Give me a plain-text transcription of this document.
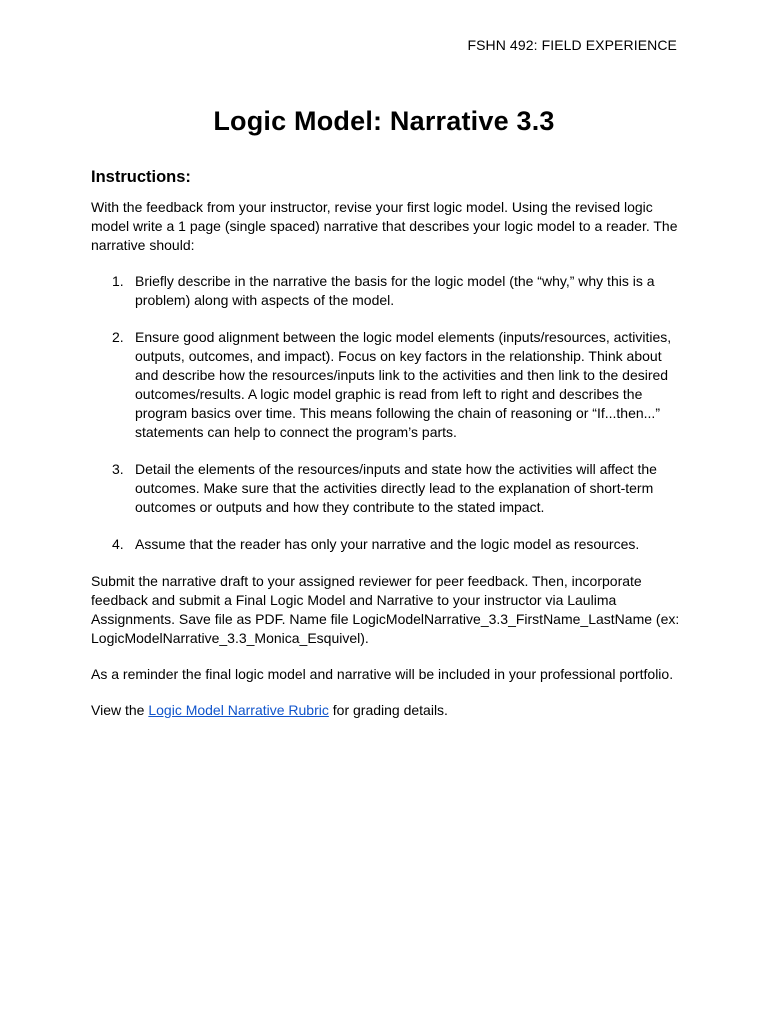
FSHN 492: FIELD EXPERIENCE
Logic Model: Narrative 3.3
Instructions:

With the feedback from your instructor, revise your first logic model. Using the revised logic model write a 1 page (single spaced) narrative that describes your logic model to a reader. The narrative should:

1. Briefly describe in the narrative the basis for the logic model (the “why,” why this is a problem) along with aspects of the model.
2. Ensure good alignment between the logic model elements (inputs/resources, activities, outputs, outcomes, and impact). Focus on key factors in the relationship. Think about and describe how the resources/inputs link to the activities and then link to the desired outcomes/results. A logic model graphic is read from left to right and describes the program basics over time. This means following the chain of reasoning or “If...then...” statements can help to connect the program’s parts.
3. Detail the elements of the resources/inputs and state how the activities will affect the outcomes. Make sure that the activities directly lead to the explanation of short-term outcomes or outputs and how they contribute to the stated impact.
4. Assume that the reader has only your narrative and the logic model as resources.

Submit the narrative draft to your assigned reviewer for peer feedback. Then, incorporate feedback and submit a Final Logic Model and Narrative to your instructor via Laulima Assignments. Save file as PDF. Name file LogicModelNarrative_3.3_FirstName_LastName (ex: LogicModelNarrative_3.3_Monica_Esquivel).

As a reminder the final logic model and narrative will be included in your professional portfolio.

View the Logic Model Narrative Rubric for grading details.
